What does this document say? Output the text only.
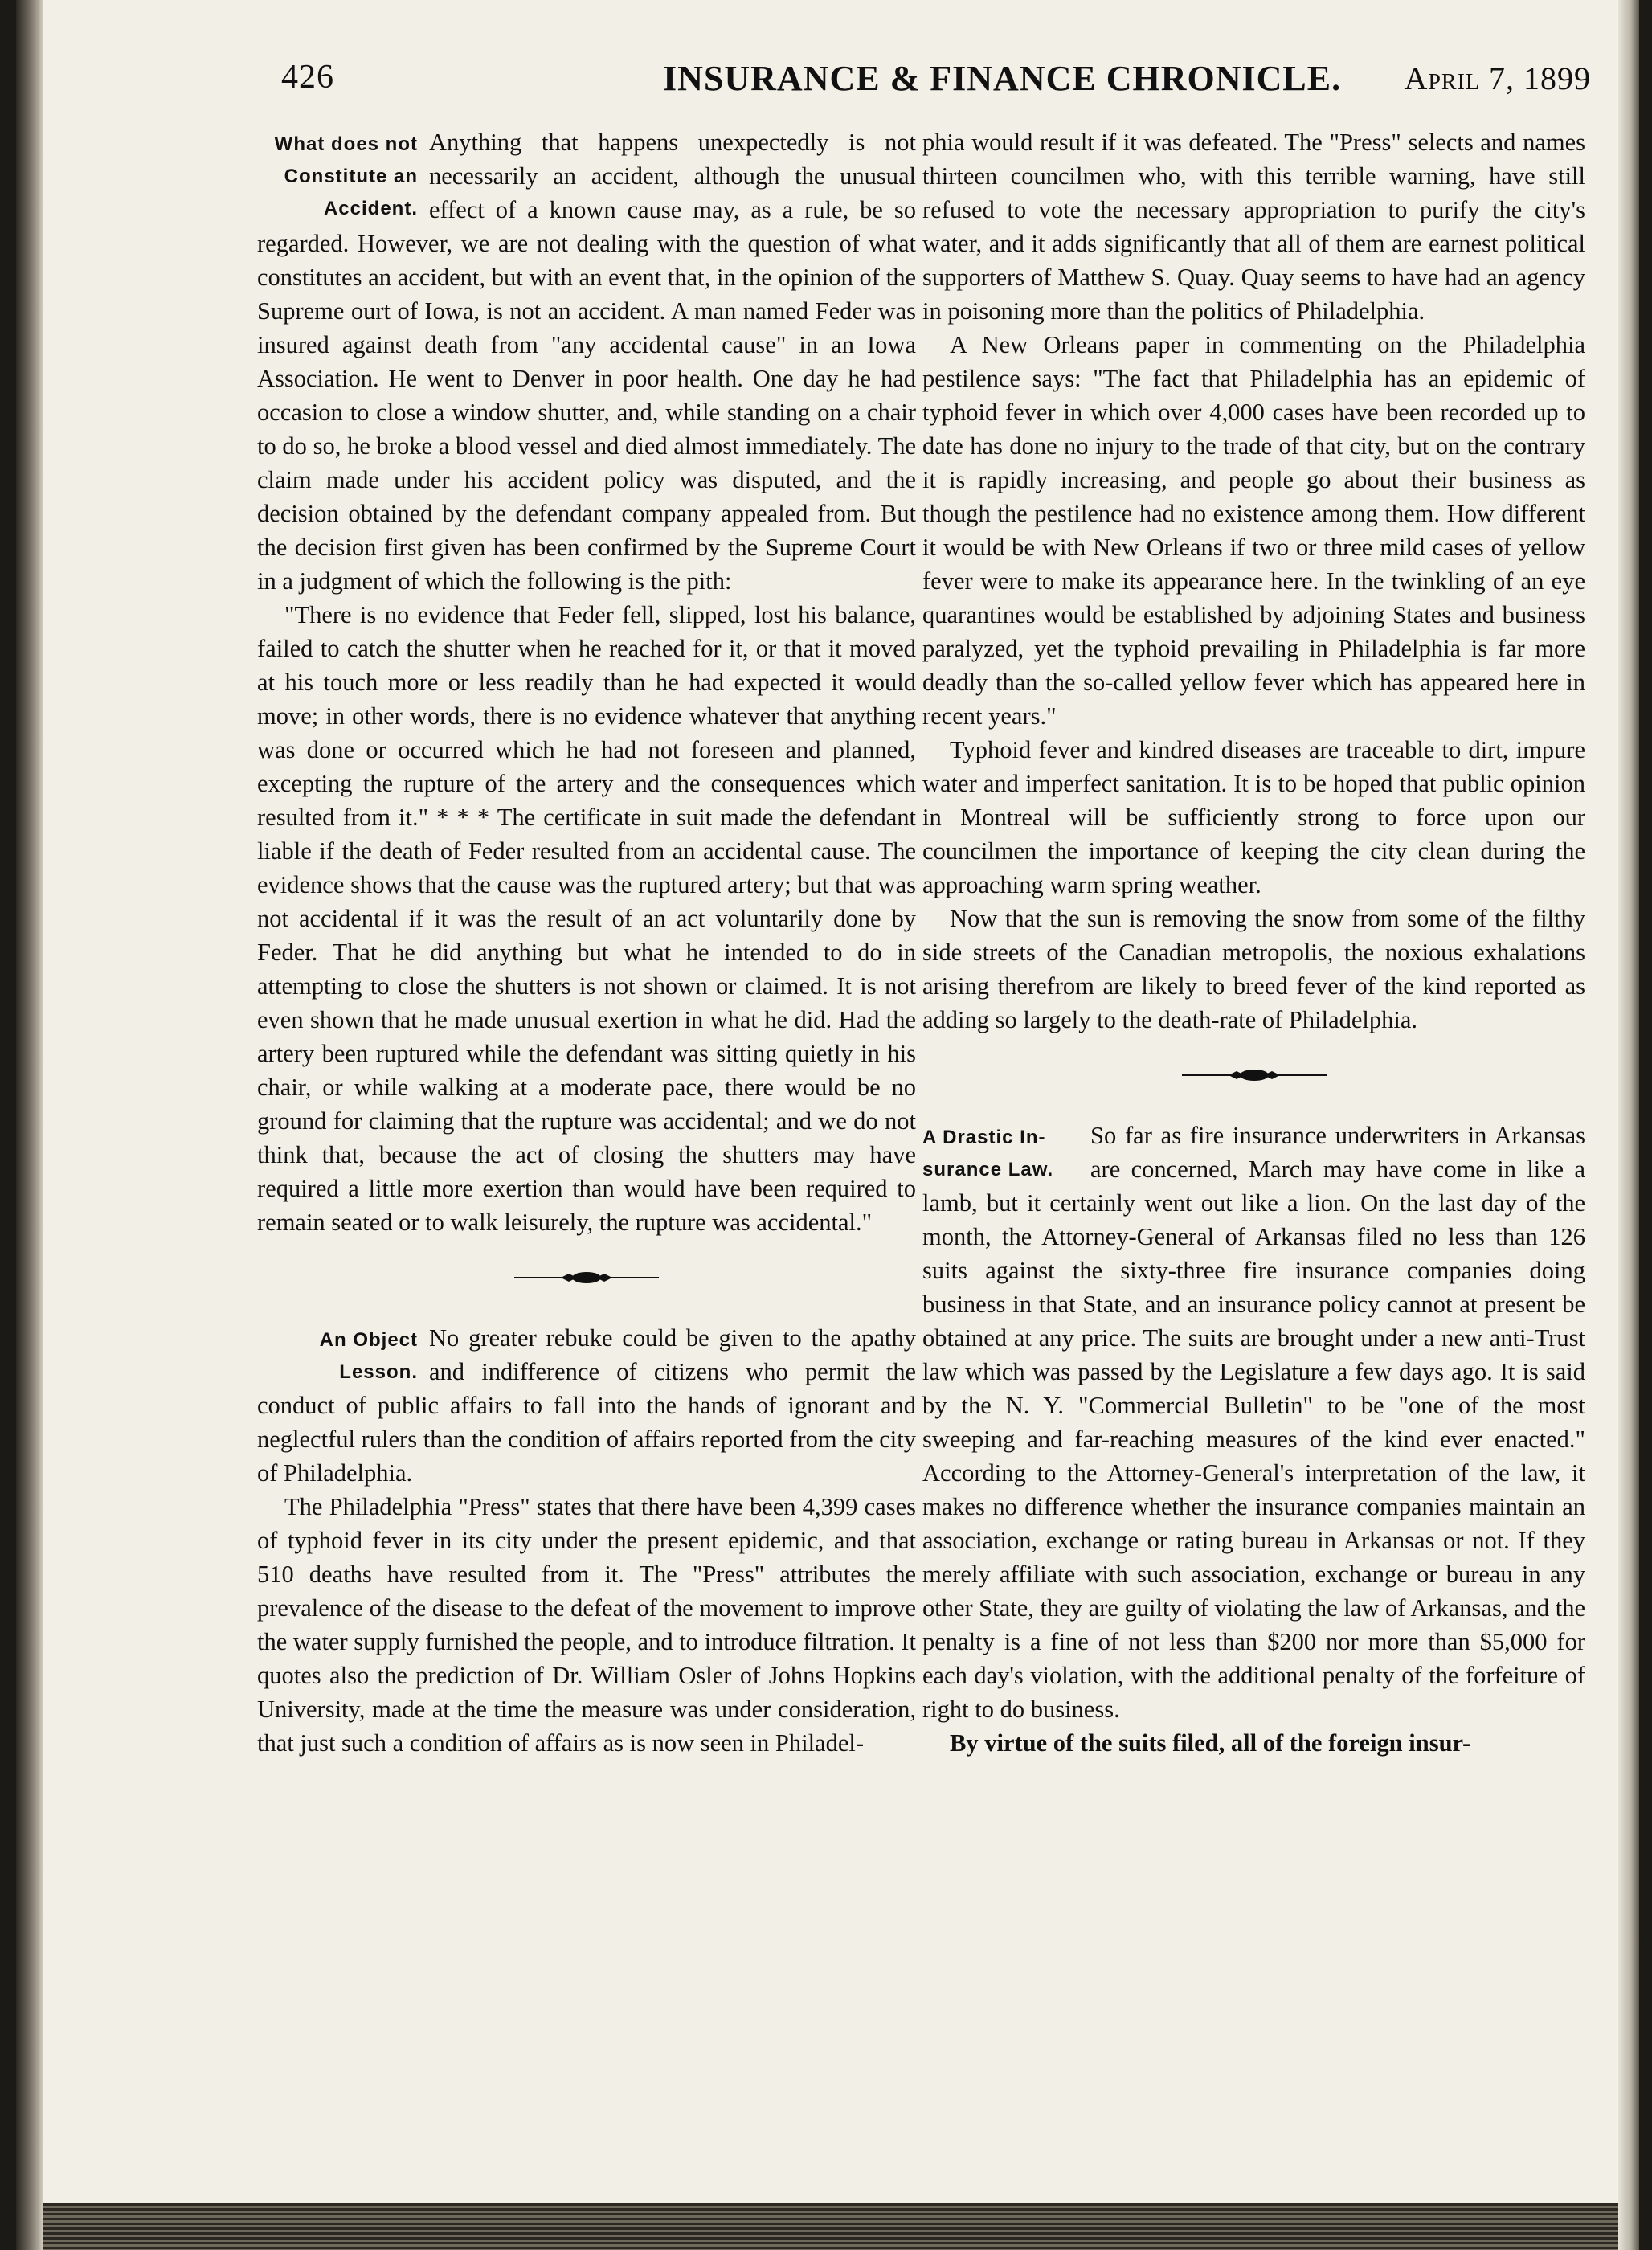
426	INSURANCE & FINANCE CHRONICLE. April 7, 1899
What does not
Constitute an
Accident.

Anything that happens unexpectedly is not necessarily an accident, although the unusual effect of a known cause may, as a rule, be so regarded. However, we are not dealing with the question of what constitutes an accident, but with an event that, in the opinion of the Supreme ourt of Iowa, is not an accident. A man named Feder was insured against death from "any accidental cause" in an Iowa Association. He went to Denver in poor health. One day he had occasion to close a window shutter, and, while standing on a chair to do so, he broke a blood vessel and died almost immediately. The claim made under his accident policy was disputed, and the decision obtained by the defendant company appealed from. But the decision first given has been confirmed by the Supreme Court in a judgment of which the following is the pith:

"There is no evidence that Feder fell, slipped, lost his balance, failed to catch the shutter when he reached for it, or that it moved at his touch more or less readily than he had expected it would move; in other words, there is no evidence whatever that anything was done or occurred which he had not foreseen and planned, excepting the rupture of the artery and the consequences which resulted from it." * * * The certificate in suit made the defendant liable if the death of Feder resulted from an accidental cause. The evidence shows that the cause was the ruptured artery; but that was not accidental if it was the result of an act voluntarily done by Feder. That he did anything but what he intended to do in attempting to close the shutters is not shown or claimed. It is not even shown that he made unusual exertion in what he did. Had the artery been ruptured while the defendant was sitting quietly in his chair, or while walking at a moderate pace, there would be no ground for claiming that the rupture was accidental; and we do not think that, because the act of closing the shutters may have required a little more exertion than would have been required to remain seated or to walk leisurely, the rupture was accidental."

An Object
Lesson.

No greater rebuke could be given to the apathy and indifference of citizens who permit the conduct of public affairs to fall into the hands of ignorant and neglectful rulers than the condition of affairs reported from the city of Philadelphia.

The Philadelphia "Press" states that there have been 4,399 cases of typhoid fever in its city under the present epidemic, and that 510 deaths have resulted from it. The "Press" attributes the prevalence of the disease to the defeat of the movement to improve the water supply furnished the people, and to introduce filtration. It quotes also the prediction of Dr. William Osler of Johns Hopkins University, made at the time the measure was under consideration, that just such a condition of affairs as is now seen in Philadel-

phia would result if it was defeated. The "Press" selects and names thirteen councilmen who, with this terrible warning, have still refused to vote the necessary appropriation to purify the city's water, and it adds significantly that all of them are earnest political supporters of Matthew S. Quay. Quay seems to have had an agency in poisoning more than the politics of Philadelphia.

A New Orleans paper in commenting on the Philadelphia pestilence says: "The fact that Philadelphia has an epidemic of typhoid fever in which over 4,000 cases have been recorded up to date has done no injury to the trade of that city, but on the contrary it is rapidly increasing, and people go about their business as though the pestilence had no existence among them. How different it would be with New Orleans if two or three mild cases of yellow fever were to make its appearance here. In the twinkling of an eye quarantines would be established by adjoining States and business paralyzed, yet the typhoid prevailing in Philadelphia is far more deadly than the so-called yellow fever which has appeared here in recent years."

Typhoid fever and kindred diseases are traceable to dirt, impure water and imperfect sanitation. It is to be hoped that public opinion in Montreal will be sufficiently strong to force upon our councilmen the importance of keeping the city clean during the approaching warm spring weather.

Now that the sun is removing the snow from some of the filthy side streets of the Canadian metropolis, the noxious exhalations arising therefrom are likely to breed fever of the kind reported as adding so largely to the death-rate of Philadelphia.

A Drastic In-
surance Law.

So far as fire insurance underwriters in Arkansas are concerned, March may have come in like a lamb, but it certainly went out like a lion. On the last day of the month, the Attorney-General of Arkansas filed no less than 126 suits against the sixty-three fire insurance companies doing business in that State, and an insurance policy cannot at present be obtained at any price. The suits are brought under a new anti-Trust law which was passed by the Legislature a few days ago. It is said by the N. Y. "Commercial Bulletin" to be "one of the most sweeping and far-reaching measures of the kind ever enacted." According to the Attorney-General's interpretation of the law, it makes no difference whether the insurance companies maintain an association, exchange or rating bureau in Arkansas or not. If they merely affiliate with such association, exchange or bureau in any other State, they are guilty of violating the law of Arkansas, and the penalty is a fine of not less than $200 nor more than $5,000 for each day's violation, with the additional penalty of the forfeiture of right to do business.

By virtue of the suits filed, all of the foreign insur-
